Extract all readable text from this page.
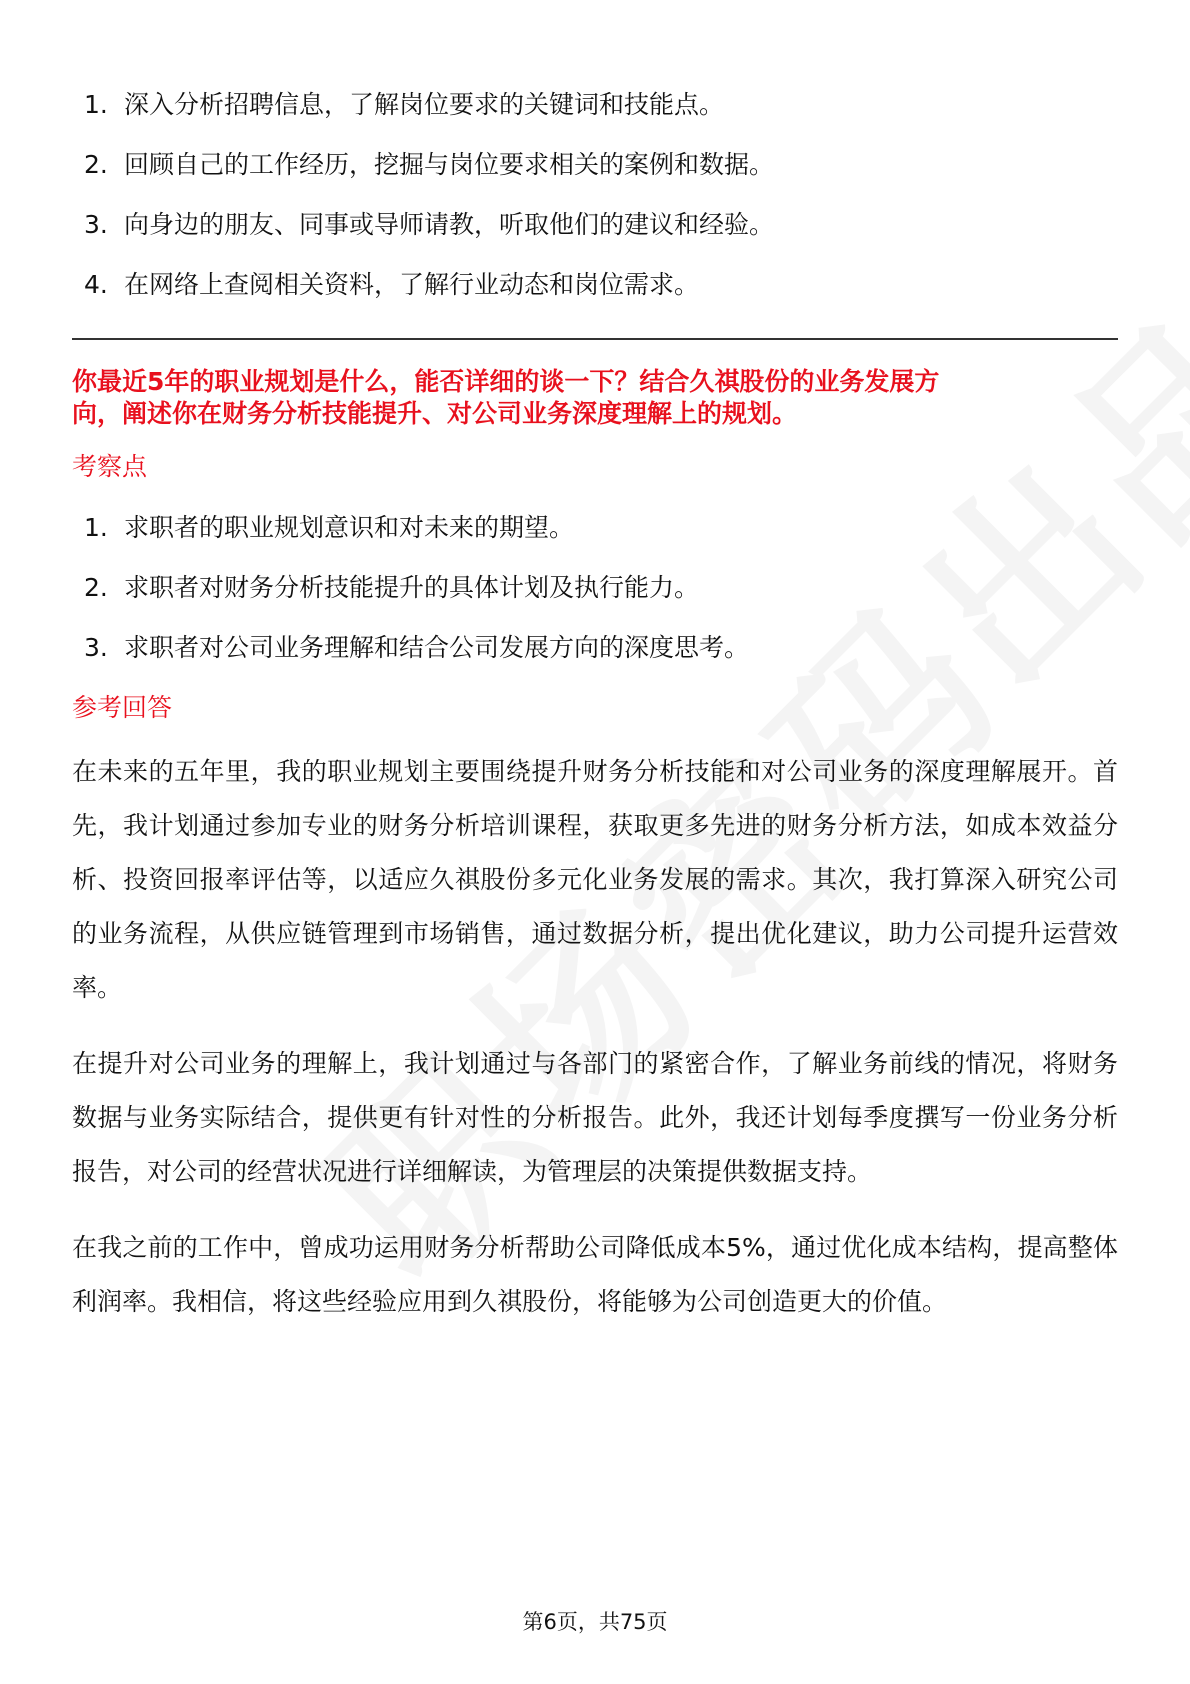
1. 深入分析招聘信息，了解岗位要求的关键词和技能点。
2. 回顾自己的工作经历，挖掘与岗位要求相关的案例和数据。
3. 向身边的朋友、同事或导师请教，听取他们的建议和经验。
4. 在网络上查阅相关资料，了解行业动态和岗位需求。

你最近5年的职业规划是什么，能否详细的谈一下？结合久祺股份的业务发展方

向，阐述你在财务分析技能提升、对公司业务深度理解上的规划。

考察点

1. 求职者的职业规划意识和对未来的期望。
2. 求职者对财务分析技能提升的具体计划及执行能力。
3. 求职者对公司业务理解和结合公司发展方向的深度思考。

参考回答

在未来的五年里，我的职业规划主要围绕提升财务分析技能和对公司业务的深度理解展开。首先，我计划通过参加专业的财务分析培训课程，获取更多先进的财务分析方法，如成本效益分析、投资回报率评估等，以适应久祺股份多元化业务发展的需求。其次，我打算深入研究公司的业务流程，从供应链管理到市场销售，通过数据分析，提出优化建议，助力公司提升运营效率。

在提升对公司业务的理解上，我计划通过与各部门的紧密合作，了解业务前线的情况，将财务数据与业务实际结合，提供更有针对性的分析报告。此外，我还计划每季度撰写一份业务分析报告，对公司的经营状况进行详细解读，为管理层的决策提供数据支持。

在我之前的工作中，曾成功运用财务分析帮助公司降低成本5%，通过优化成本结构，提高整体利润率。我相信，将这些经验应用到久祺股份，将能够为公司创造更大的价值。

第6页，共75页
